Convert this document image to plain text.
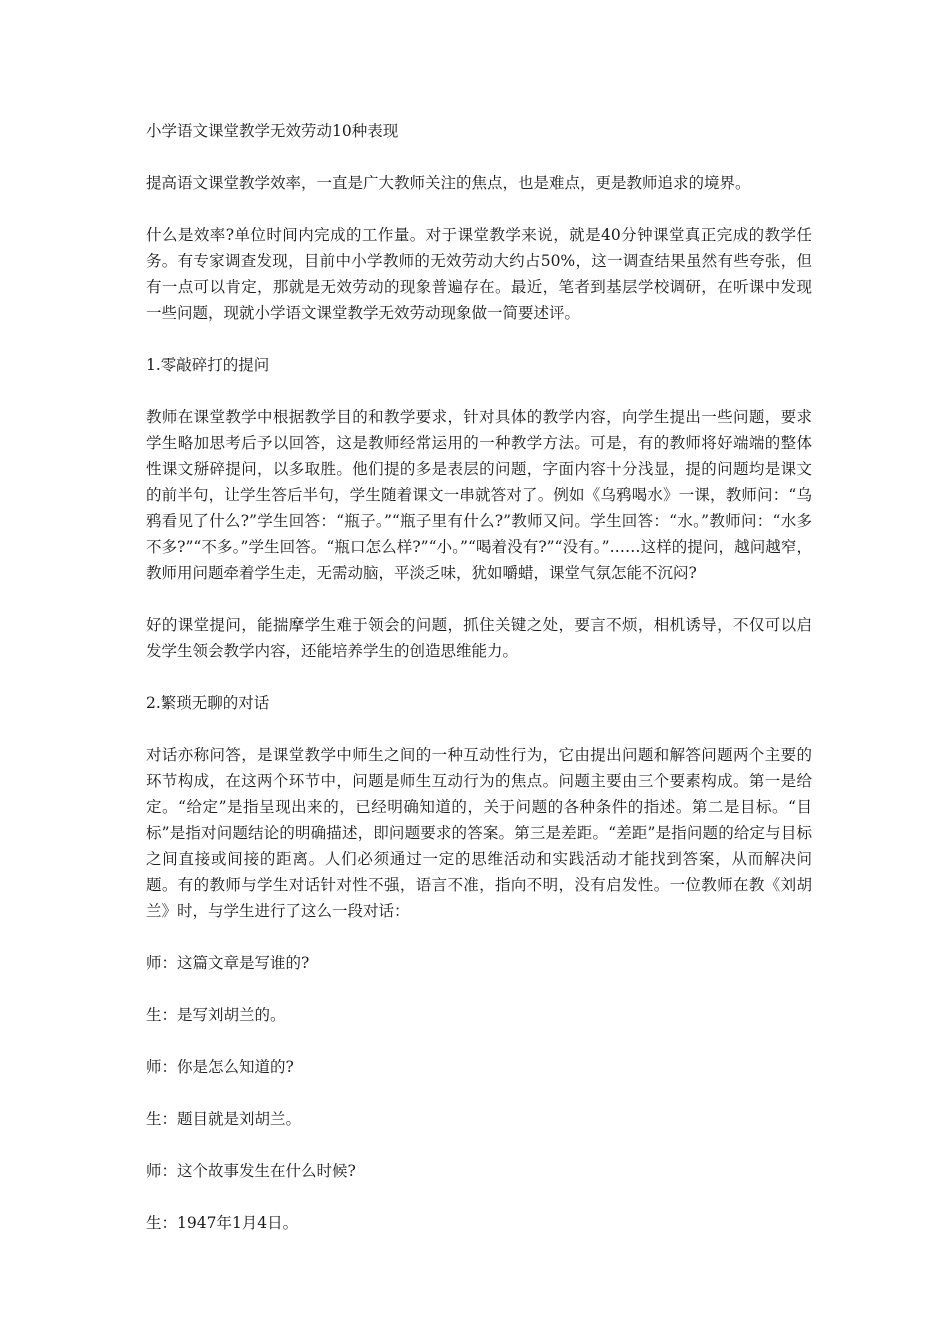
小学语文课堂教学无效劳动10种表现

提高语文课堂教学效率，一直是广大教师关注的焦点，也是难点，更是教师追求的境界。

什么是效率?单位时间内完成的工作量。对于课堂教学来说，就是40分钟课堂真正完成的教学任务。有专家调查发现，目前中小学教师的无效劳动大约占50%，这一调查结果虽然有些夸张，但有一点可以肯定，那就是无效劳动的现象普遍存在。最近，笔者到基层学校调研，在听课中发现一些问题，现就小学语文课堂教学无效劳动现象做一简要述评。

1.零敲碎打的提问

教师在课堂教学中根据教学目的和教学要求，针对具体的教学内容，向学生提出一些问题，要求学生略加思考后予以回答，这是教师经常运用的一种教学方法。可是，有的教师将好端端的整体性课文掰碎提问，以多取胜。他们提的多是表层的问题，字面内容十分浅显，提的问题均是课文的前半句，让学生答后半句，学生随着课文一串就答对了。例如《乌鸦喝水》一课，教师问：“乌鸦看见了什么?”学生回答：“瓶子。”“瓶子里有什么?”教师又问。学生回答：“水。”教师问：“水多不多?”“不多。”学生回答。“瓶口怎么样?”“小。”“喝着没有?”“没有。”……这样的提问，越问越窄，教师用问题牵着学生走，无需动脑，平淡乏味，犹如嚼蜡，课堂气氛怎能不沉闷?

好的课堂提问，能揣摩学生难于领会的问题，抓住关键之处，要言不烦，相机诱导，不仅可以启发学生领会教学内容，还能培养学生的创造思维能力。

2.繁琐无聊的对话

对话亦称问答，是课堂教学中师生之间的一种互动性行为，它由提出问题和解答问题两个主要的环节构成，在这两个环节中，问题是师生互动行为的焦点。问题主要由三个要素构成。第一是给定。“给定”是指呈现出来的，已经明确知道的，关于问题的各种条件的指述。第二是目标。“目标”是指对问题结论的明确描述，即问题要求的答案。第三是差距。“差距”是指问题的给定与目标之间直接或间接的距离。人们必须通过一定的思维活动和实践活动才能找到答案，从而解决问题。有的教师与学生对话针对性不强，语言不准，指向不明，没有启发性。一位教师在教《刘胡兰》时，与学生进行了这么一段对话：

师：这篇文章是写谁的?

生：是写刘胡兰的。

师：你是怎么知道的?

生：题目就是刘胡兰。

师：这个故事发生在什么时候?

生：1947年1月4日。
